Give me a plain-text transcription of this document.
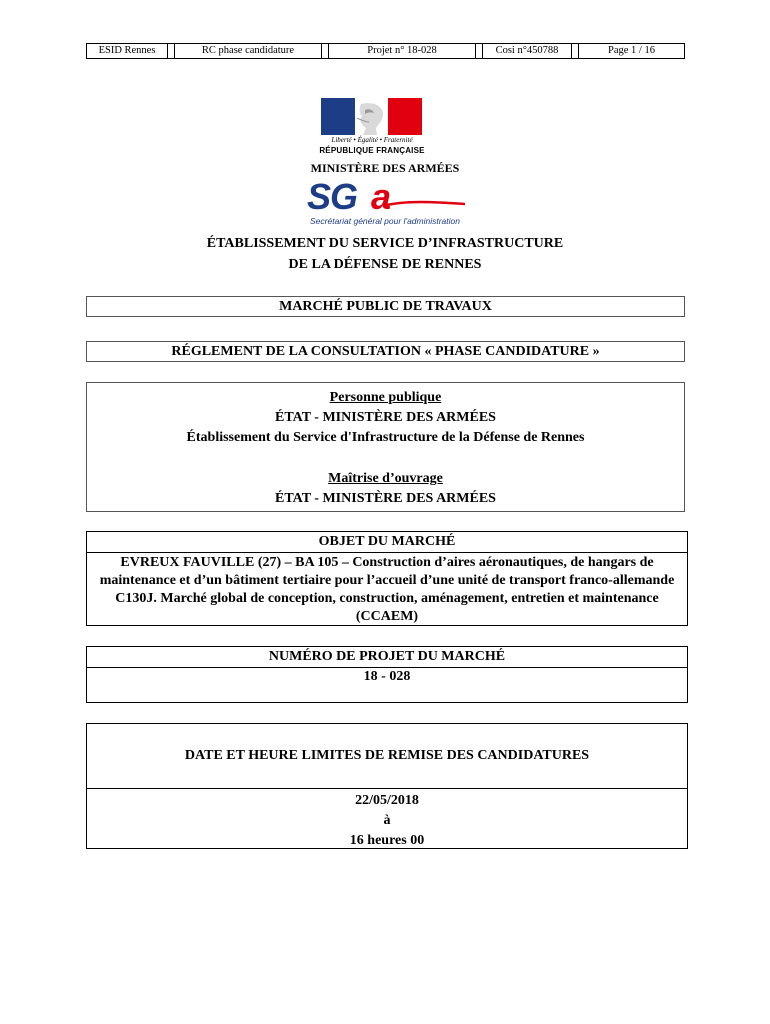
ESID Rennes	RC phase candidature	Projet n° 18-028	Cosi n°450788	Page 1 / 16
Liberté • Égalité • Fraternité
RÉPUBLIQUE FRANÇAISE
MINISTÈRE DES ARMÉES
SG a
Secrétariat général pour l'administration
ÉTABLISSEMENT DU SERVICE D’INFRASTRUCTURE
DE LA DÉFENSE DE RENNES
MARCHÉ PUBLIC DE TRAVAUX
RÉGLEMENT DE LA CONSULTATION « PHASE CANDIDATURE »
Personne publique
ÉTAT - MINISTÈRE DES ARMÉES
Établissement du Service d'Infrastructure de la Défense de Rennes
Maîtrise d’ouvrage
ÉTAT - MINISTÈRE DES ARMÉES
OBJET DU MARCHÉ
EVREUX FAUVILLE (27) – BA 105 – Construction d’aires aéronautiques, de hangars de maintenance et d’un bâtiment tertiaire pour l’accueil d’une unité de transport franco-allemande C130J. Marché global de conception, construction, aménagement, entretien et maintenance (CCAEM)
NUMÉRO DE PROJET DU MARCHÉ
18 - 028
DATE ET HEURE LIMITES DE REMISE DES CANDIDATURES
22/05/2018
à
16 heures 00
